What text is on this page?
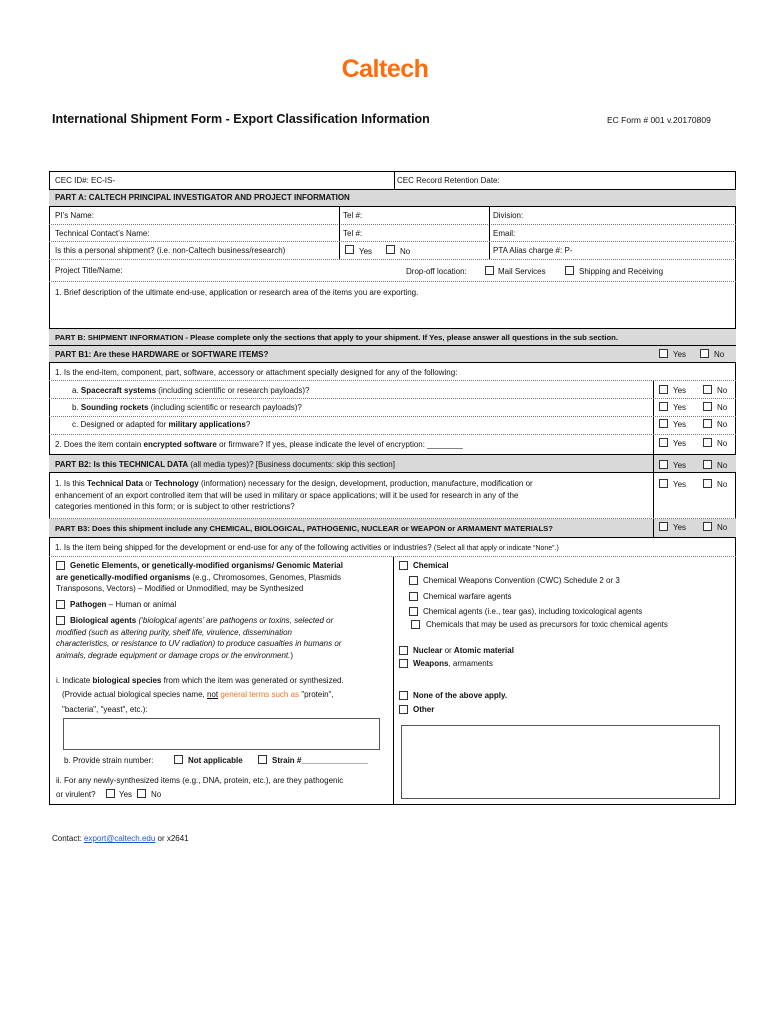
Caltech
International Shipment Form - Export Classification Information	EC Form # 001 v.20170809
CEC ID#: EC-IS-	CEC Record Retention Date:
PART A: CALTECH PRINCIPAL INVESTIGATOR AND PROJECT INFORMATION
PI’s Name:	Tel #:	Division:
Technical Contact’s Name:	Tel #:	Email:
Is this a personal shipment? (i.e. non-Caltech business/research)	Yes	No	PTA Alias charge #: P-
Project Title/Name:	Drop-off location:	Mail Services	Shipping and Receiving
1. Brief description of the ultimate end-use, application or research area of the items you are exporting.
PART B: SHIPMENT INFORMATION - Please complete only the sections that apply to your shipment. If Yes, please answer all questions in the sub section.
PART B1: Are these HARDWARE or SOFTWARE ITEMS?	Yes	No
1. Is the end-item, component, part, software, accessory or attachment specially designed for any of the following:
a. Spacecraft systems (including scientific or research payloads)?	Yes	No
b. Sounding rockets (including scientific or research payloads)?	Yes	No
c. Designed or adapted for military applications?	Yes	No
2. Does the item contain encrypted software or firmware? If yes, please indicate the level of encryption: ________	Yes	No
PART B2: Is this TECHNICAL DATA (all media types)? [Business documents: skip this section]	Yes	No
1. Is this Technical Data or Technology (information) necessary for the design, development, production, manufacture, modification or
enhancement of an export controlled item that will be used in military or space applications; will it be used for research in any of the
categories mentioned in this form; or is subject to other restrictions?
Yes	No
PART B3: Does this shipment include any CHEMICAL, BIOLOGICAL, PATHOGENIC, NUCLEAR or WEAPON or ARMAMENT MATERIALS?	Yes	No
1. Is the item being shipped for the development or end-use for any of the following activities or industries? (Select all that apply or indicate “None”.)
Genetic Elements, or genetically-modified organisms/ Genomic Material
are genetically-modified organisms (e.g., Chromosomes, Genomes, Plasmids
Transposons, Vectors) – Modified or Unmodified, may be Synthesized
Pathogen – Human or animal
Biological agents (‘biological agents’ are pathogens or toxins, selected or
modified (such as altering purity, shelf life, virulence, dissemination
characteristics, or resistance to UV radiation) to produce casualties in humans or
animals, degrade equipment or damage crops or the environment.)
i. Indicate biological species from which the item was generated or synthesized.
(Provide actual biological species name, not general terms such as "protein",
"bacteria", "yeast", etc.):
b. Provide strain number:	Not applicable	Strain #_______________
ii. For any newly-synthesized items (e.g., DNA, protein, etc.), are they pathogenic
or virulent?	Yes No
Chemical
Chemical Weapons Convention (CWC) Schedule 2 or 3
Chemical warfare agents
Chemical agents (i.e., tear gas), including toxicological agents
Chemicals that may be used as precursors for toxic chemical agents
Nuclear or Atomic material
Weapons, armaments
None of the above apply.
Other
Contact: export@caltech.edu or x2641
